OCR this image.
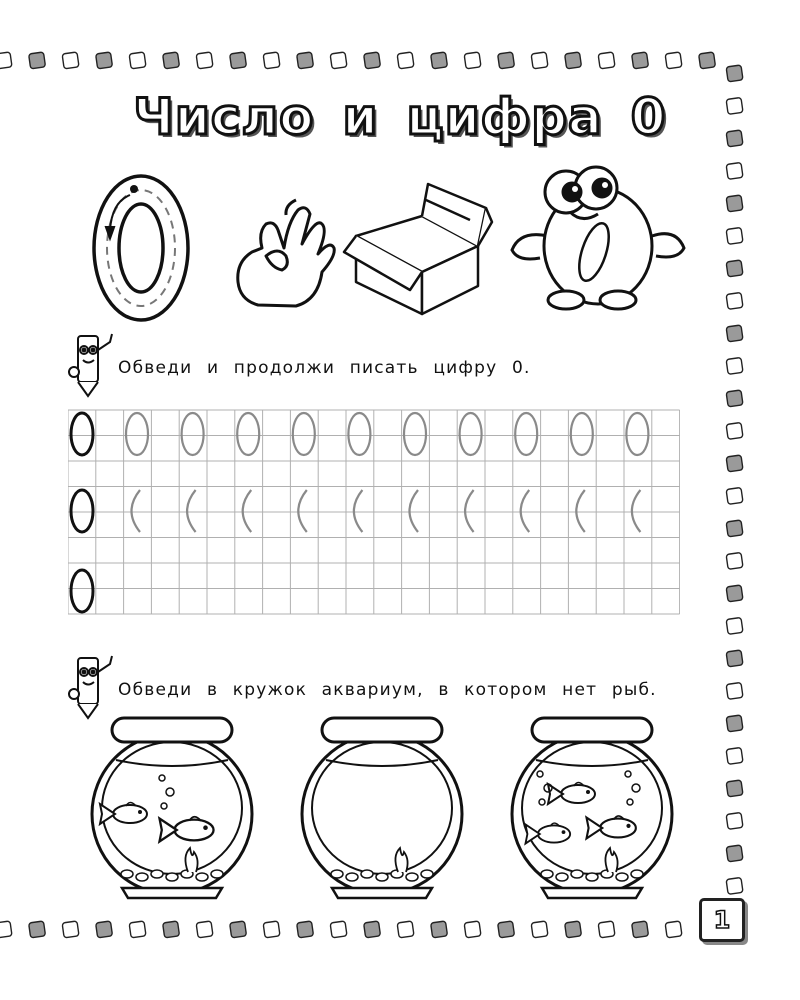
Число и цифра 0
Обведи и продолжи писать цифру 0.
Обведи в кружок аквариум, в котором нет рыб.
1
